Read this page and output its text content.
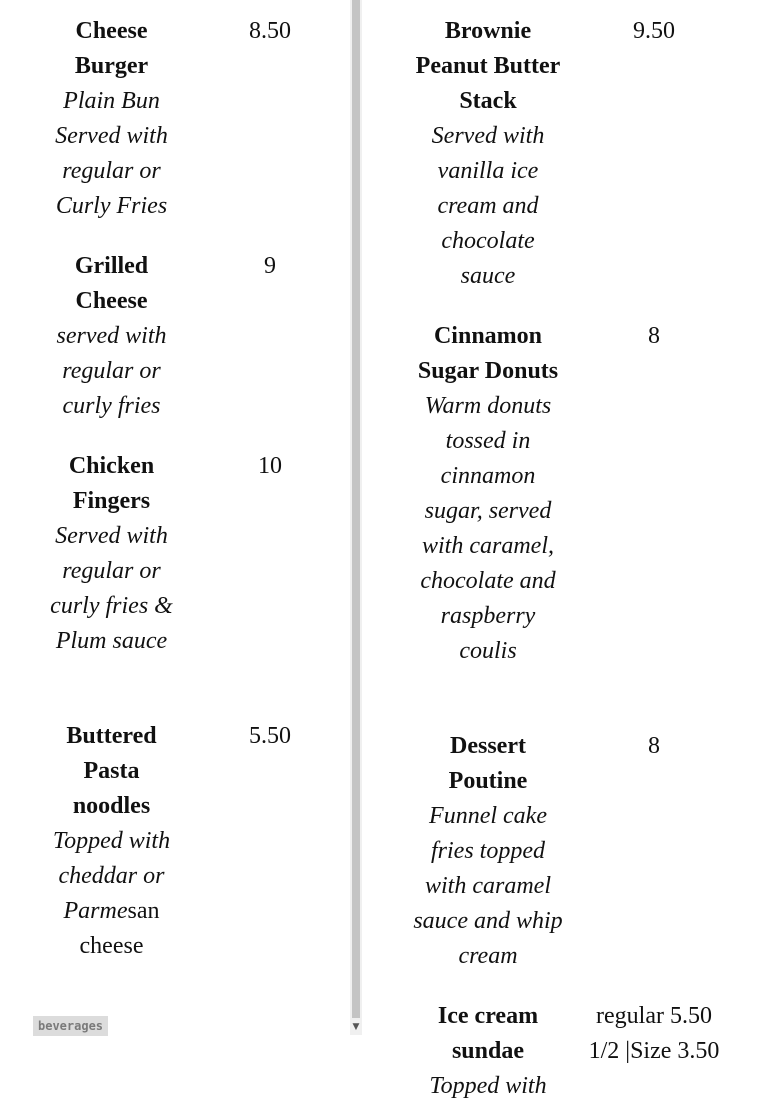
Cheese Burger
Plain Bun Served with regular or Curly Fries
8.50
Grilled Cheese
served with regular or curly fries
9
Chicken Fingers
Served with regular or curly fries & Plum sauce
10
Buttered Pasta noodles
Topped with cheddar or Parmesan cheese
5.50
▼
Brownie Peanut Butter Stack
Served with vanilla ice cream and chocolate sauce
9.50
Cinnamon Sugar Donuts
Warm donuts tossed in cinnamon sugar, served with caramel, chocolate and raspberry coulis
8
Dessert Poutine
Funnel cake fries topped with caramel sauce and whip cream
8
Ice cream sundae
Topped with
regular 5.50
1/2 |Size 3.50
beverages
